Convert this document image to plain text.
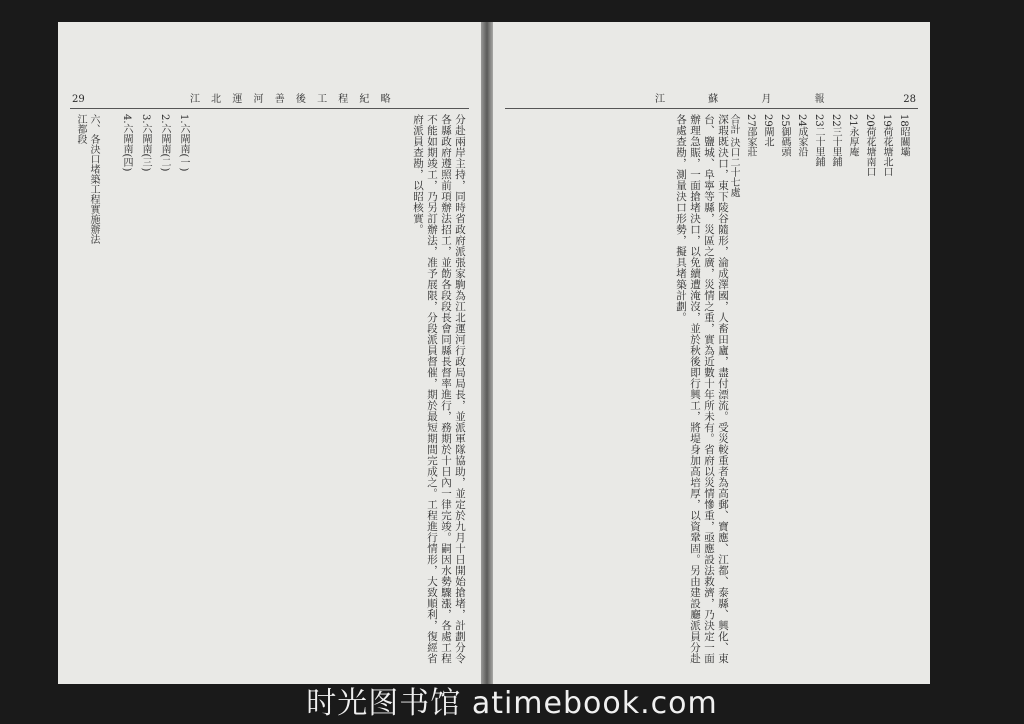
29	江 北 運 河 善 後 工 程 紀 略

分赴兩岸主持，同時省政府派張家駒為江北運河行政局局長，並派軍隊協助，並定於九月十日開始搶堵，計劃分令各縣政府遵照前項辦法招工，並飭各段段長會同縣長督率進行，務期於十日內一律完竣。嗣因水勢驟漲，各處工程不能如期竣工，乃另訂辦法，准予展限，分段派員督催，期於最短期間完成之。工程進行情形，大致順利，復經省府派員查勘，以昭核實。

六、各決口堵築工程實施辦法

江都段	1.六閘南(一)

2.六閘南(二)

3.六閘南(三)

4.六閘南(四)

28
江 蘇 月 報

深瑕既決口，東下陵谷隨形，淪成澤國，人畜田廬，盡付漂流。受災較重者為高郵、寶應、江都、泰縣、興化、東台、鹽城、阜寧等縣，災區之廣，災情之重，實為近數十年所未有。省府以災情慘重，亟應設法救濟，乃決定一面辦理急賑，一面搶堵決口，以免續遭淹沒，並於秋後即行興工，將堤身加高培厚，以資鞏固。另由建設廳派員分赴各處查勘，測量決口形勢，擬具堵築計劃。	18昭關壩

19荷花塘北口

20荷花塘南口

21永厚庵

22三十里鋪

23二十里鋪

24成家沿

25御碼頭

29閘北

27邵家莊

合計 決口二十七處

时光图书馆 atimebook.com
